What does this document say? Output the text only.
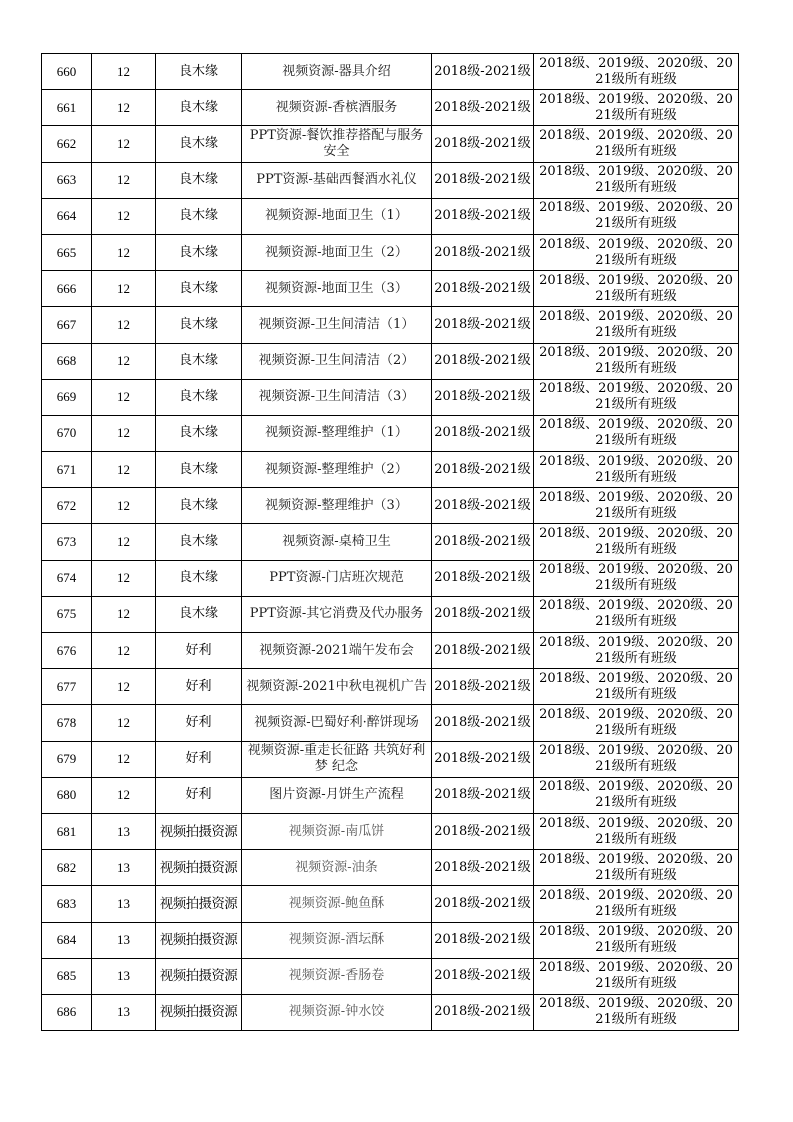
660	12	良木缘	视频资源-器具介绍	2018级-2021级	2018级、2019级、2020级、2021级所有班级
661	12	良木缘	视频资源-香槟酒服务	2018级-2021级	2018级、2019级、2020级、2021级所有班级
662	12	良木缘	PPT资源-餐饮推荐搭配与服务安全	2018级-2021级	2018级、2019级、2020级、2021级所有班级
663	12	良木缘	PPT资源-基础西餐酒水礼仪	2018级-2021级	2018级、2019级、2020级、2021级所有班级
664	12	良木缘	视频资源-地面卫生（1）	2018级-2021级	2018级、2019级、2020级、2021级所有班级
665	12	良木缘	视频资源-地面卫生（2）	2018级-2021级	2018级、2019级、2020级、2021级所有班级
666	12	良木缘	视频资源-地面卫生（3）	2018级-2021级	2018级、2019级、2020级、2021级所有班级
667	12	良木缘	视频资源-卫生间清洁（1）	2018级-2021级	2018级、2019级、2020级、2021级所有班级
668	12	良木缘	视频资源-卫生间清洁（2）	2018级-2021级	2018级、2019级、2020级、2021级所有班级
669	12	良木缘	视频资源-卫生间清洁（3）	2018级-2021级	2018级、2019级、2020级、2021级所有班级
670	12	良木缘	视频资源-整理维护（1）	2018级-2021级	2018级、2019级、2020级、2021级所有班级
671	12	良木缘	视频资源-整理维护（2）	2018级-2021级	2018级、2019级、2020级、2021级所有班级
672	12	良木缘	视频资源-整理维护（3）	2018级-2021级	2018级、2019级、2020级、2021级所有班级
673	12	良木缘	视频资源-桌椅卫生	2018级-2021级	2018级、2019级、2020级、2021级所有班级
674	12	良木缘	PPT资源-门店班次规范	2018级-2021级	2018级、2019级、2020级、2021级所有班级
675	12	良木缘	PPT资源-其它消费及代办服务	2018级-2021级	2018级、2019级、2020级、2021级所有班级
676	12	好利	视频资源-2021端午发布会	2018级-2021级	2018级、2019级、2020级、2021级所有班级
677	12	好利	视频资源-2021中秋电视机广告	2018级-2021级	2018级、2019级、2020级、2021级所有班级
678	12	好利	视频资源-巴蜀好利·醉饼现场	2018级-2021级	2018级、2019级、2020级、2021级所有班级
679	12	好利	视频资源-重走长征路 共筑好利梦 纪念	2018级-2021级	2018级、2019级、2020级、2021级所有班级
680	12	好利	图片资源-月饼生产流程	2018级-2021级	2018级、2019级、2020级、2021级所有班级
681	13	视频拍摄资源	视频资源-南瓜饼	2018级-2021级	2018级、2019级、2020级、2021级所有班级
682	13	视频拍摄资源	视频资源-油条	2018级-2021级	2018级、2019级、2020级、2021级所有班级
683	13	视频拍摄资源	视频资源-鲍鱼酥	2018级-2021级	2018级、2019级、2020级、2021级所有班级
684	13	视频拍摄资源	视频资源-酒坛酥	2018级-2021级	2018级、2019级、2020级、2021级所有班级
685	13	视频拍摄资源	视频资源-香肠卷	2018级-2021级	2018级、2019级、2020级、2021级所有班级
686	13	视频拍摄资源	视频资源-钟水饺	2018级-2021级	2018级、2019级、2020级、2021级所有班级
